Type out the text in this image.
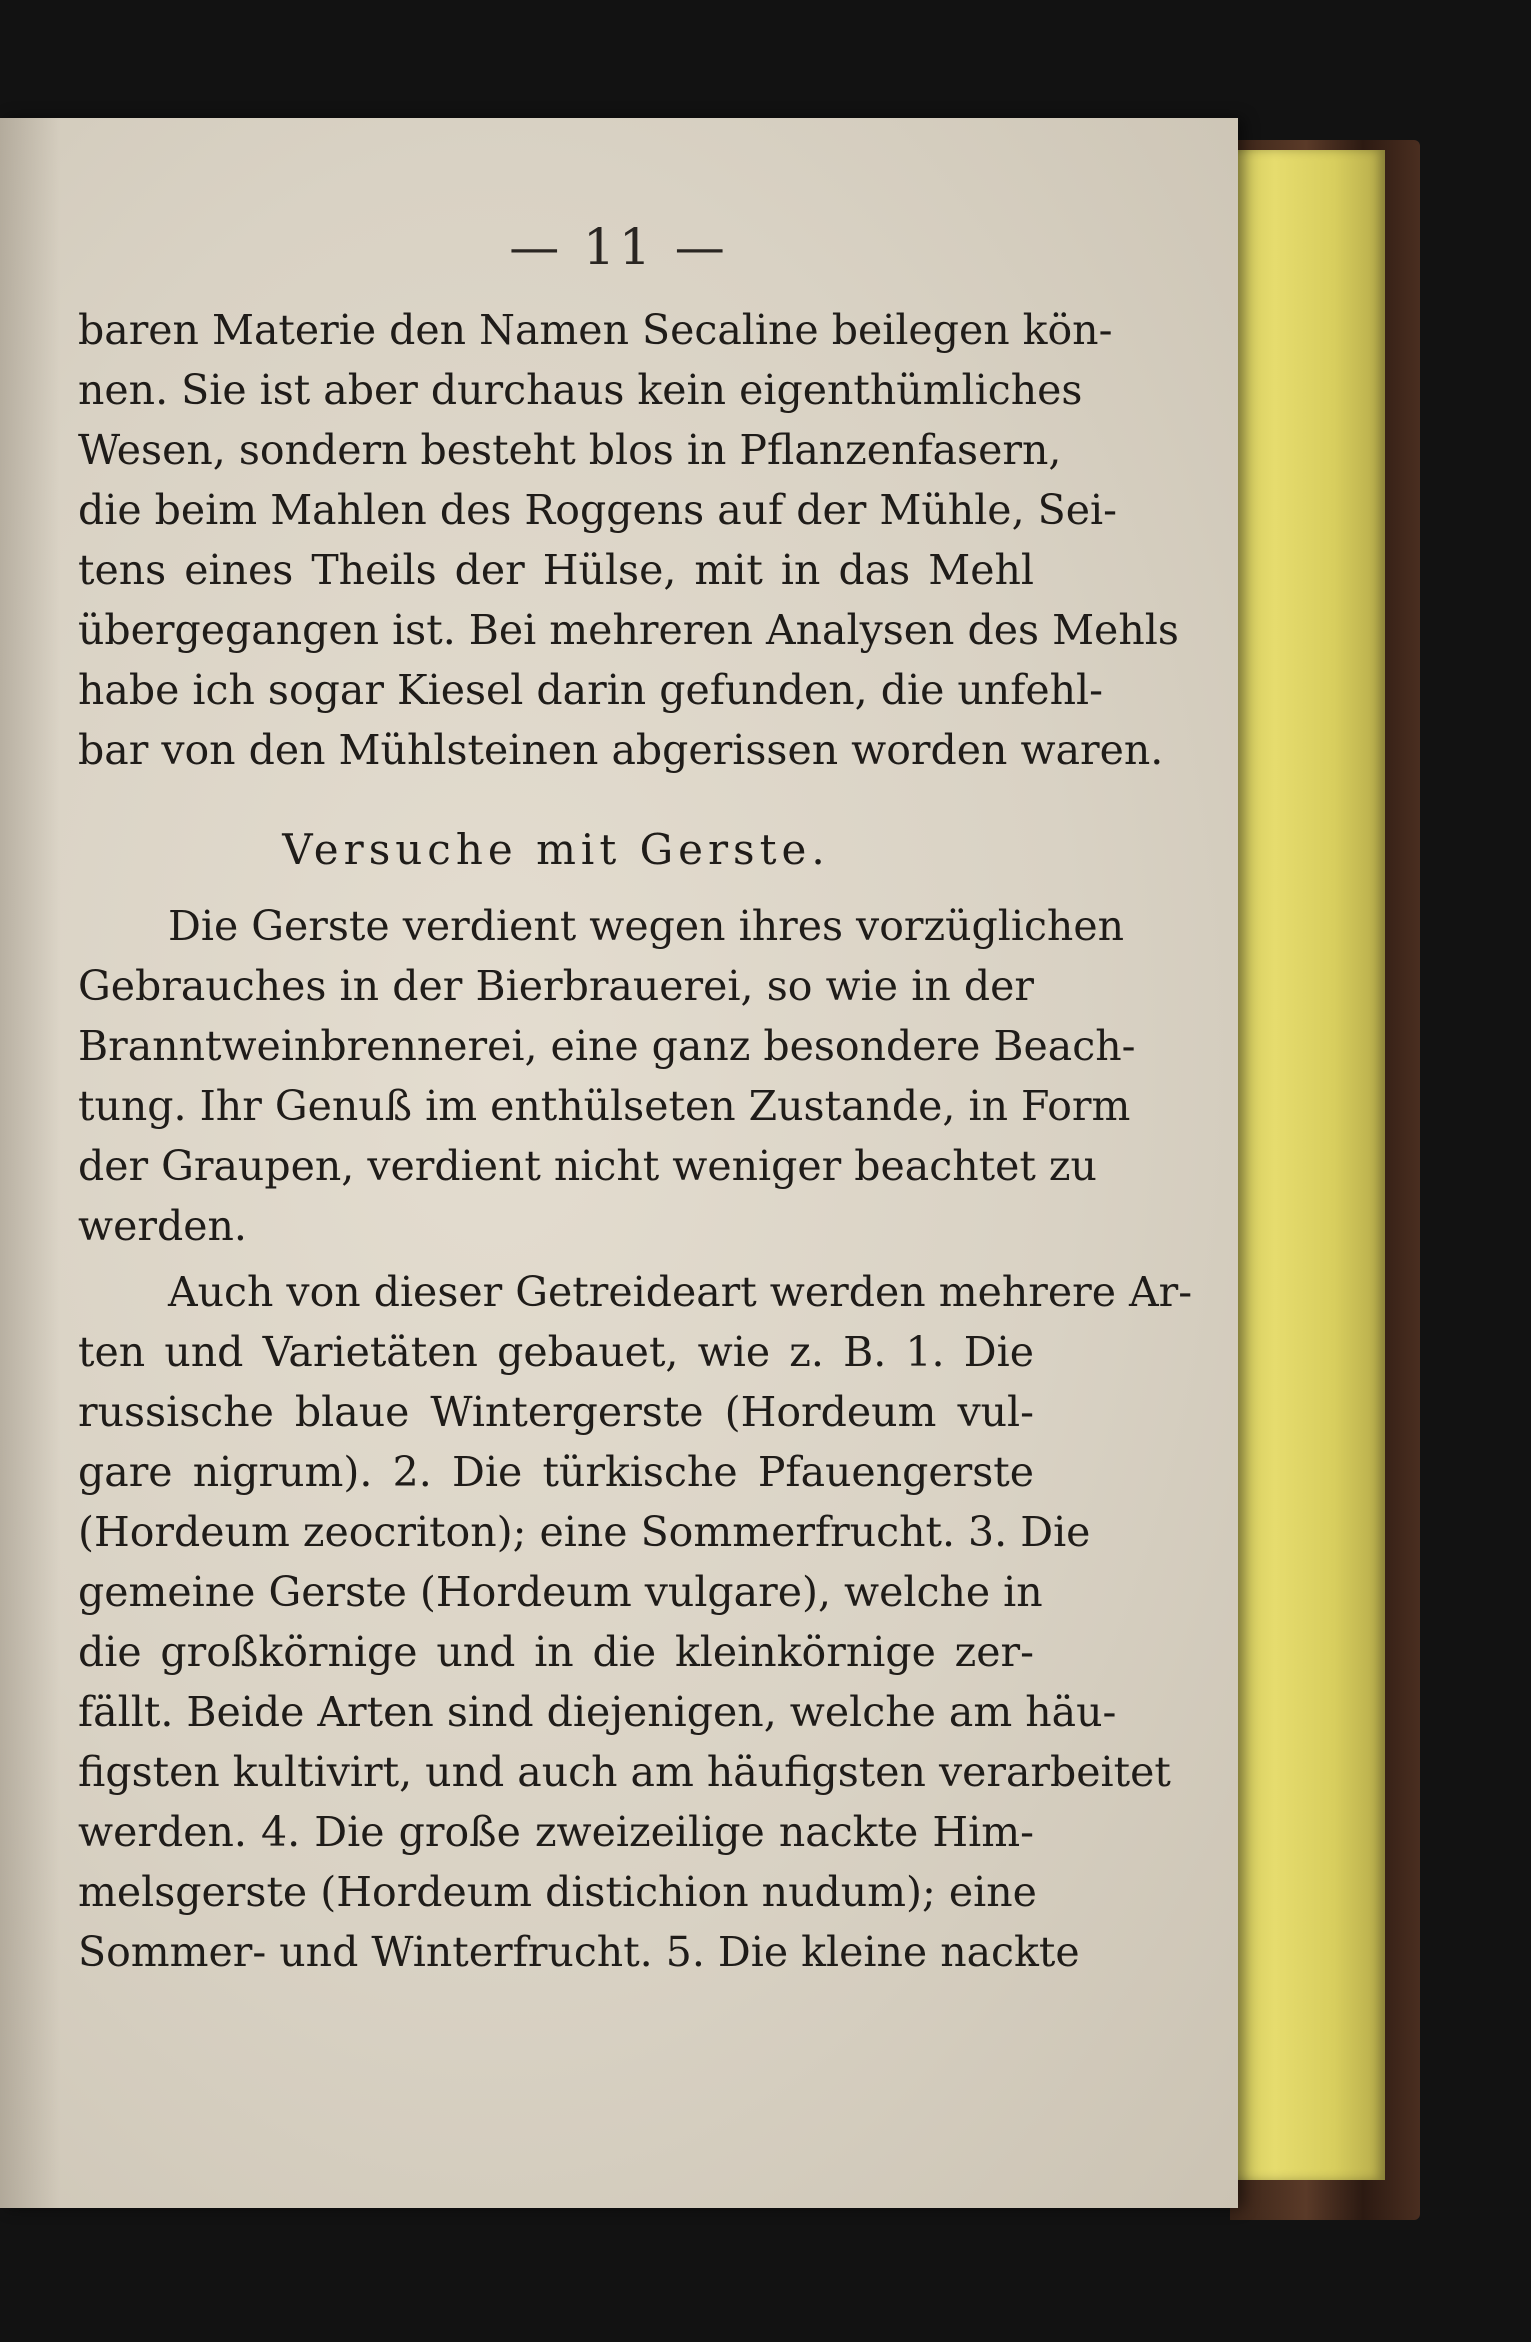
— 11 —
baren Materie den Namen Secaline beilegen kön-
nen. Sie ist aber durchaus kein eigenthümliches
Wesen, sondern besteht blos in Pflanzenfasern,
die beim Mahlen des Roggens auf der Mühle, Sei-
tens eines Theils der Hülse, mit in das Mehl
übergegangen ist. Bei mehreren Analysen des Mehls
habe ich sogar Kiesel darin gefunden, die unfehl-
bar von den Mühlsteinen abgerissen worden waren.
Versuche mit Gerste.
Die Gerste verdient wegen ihres vorzüglichen
Gebrauches in der Bierbrauerei, so wie in der
Branntweinbrennerei, eine ganz besondere Beach-
tung. Ihr Genuß im enthülseten Zustande, in Form
der Graupen, verdient nicht weniger beachtet zu
werden.
Auch von dieser Getreideart werden mehrere Ar-
ten und Varietäten gebauet, wie z. B. 1. Die
russische blaue Wintergerste (Hordeum vul-
gare nigrum). 2. Die türkische Pfauengerste
(Hordeum zeocriton); eine Sommerfrucht. 3. Die
gemeine Gerste (Hordeum vulgare), welche in
die großkörnige und in die kleinkörnige zer-
fällt. Beide Arten sind diejenigen, welche am häu-
figsten kultivirt, und auch am häufigsten verarbeitet
werden. 4. Die große zweizeilige nackte Him-
melsgerste (Hordeum distichion nudum); eine
Sommer- und Winterfrucht. 5. Die kleine nackte
